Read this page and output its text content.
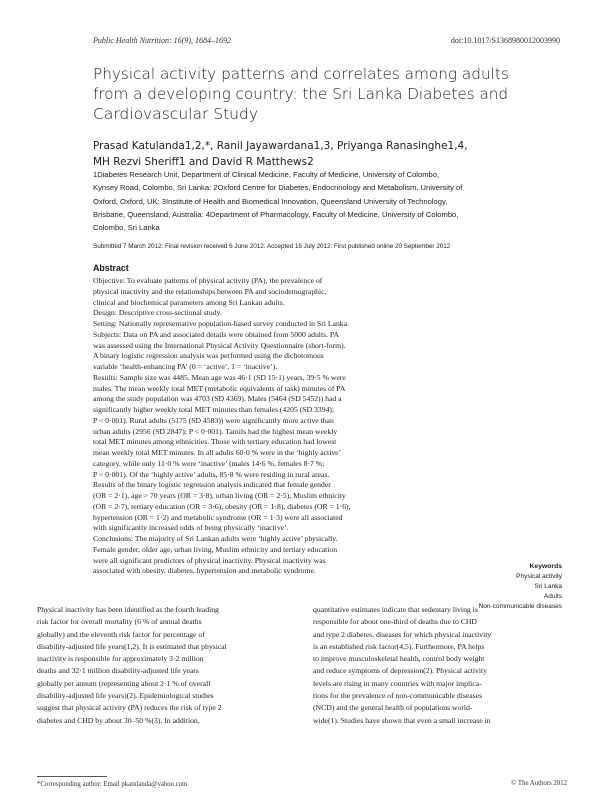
Public Health Nutrition: 16(9), 1684–1692	doi:10.1017/S1368980012003990
Physical activity patterns and correlates among adults
from a developing country: the Sri Lanka Diabetes and
Cardiovascular Study
Prasad Katulanda1,2,*, Ranil Jayawardana1,3, Priyanga Ranasinghe1,4,
MH Rezvi Sheriff1 and David R Matthews2
1Diabetes Research Unit, Department of Clinical Medicine, Faculty of Medicine, University of Colombo,
Kynsey Road, Colombo, Sri Lanka: 2Oxford Centre for Diabetes, Endocrinology and Metabolism, University of
Oxford, Oxford, UK: 3Institute of Health and Biomedical Innovation, Queensland University of Technology,
Brisbane, Queensland, Australia: 4Department of Pharmacology, Faculty of Medicine, University of Colombo,
Colombo, Sri Lanka
Submitted 7 March 2012: Final revision received 6 June 2012: Accepted 16 July 2012: First published online 20 September 2012
Abstract
Objective: To evaluate patterns of physical activity (PA), the prevalence of
physical inactivity and the relationships between PA and sociodemographic,
clinical and biochemical parameters among Sri Lankan adults.
Design: Descriptive cross-sectional study.
Setting: Nationally representative population-based survey conducted in Sri Lanka.
Subjects: Data on PA and associated details were obtained from 5000 adults. PA
was assessed using the International Physical Activity Questionnaire (short-form).
A binary logistic regression analysis was performed using the dichotomous
variable ‘health-enhancing PA’ (0 = ‘active’, 1 = ‘inactive’).
Results: Sample size was 4485. Mean age was 46·1 (SD 15·1) years, 39·5 % were
males. The mean weekly total MET (metabolic equivalents of task) minutes of PA
among the study population was 4703 (SD 4369). Males (5464 (SD 5452)) had a
significantly higher weekly total MET minutes than females (4205 (SD 3394);
P < 0·001). Rural adults (5175 (SD 4583)) were significantly more active than
urban adults (2956 (SD 2847); P < 0·001). Tamils had the highest mean weekly
total MET minutes among ethnicities. Those with tertiary education had lowest
mean weekly total MET minutes. In all adults 60·0 % were in the ‘highly active’
category, while only 11·0 % were ‘inactive’ (males 14·6 %, females 8·7 %;
P < 0·001). Of the ‘highly active’ adults, 85·8 % were residing in rural areas.
Results of the binary logistic regression analysis indicated that female gender
(OR = 2·1), age > 70 years (OR = 3·8), urban living (OR = 2·5), Muslim ethnicity
(OR = 2·7), tertiary education (OR = 3·6), obesity (OR = 1·8), diabetes (OR = 1·6),
hypertension (OR = 1·2) and metabolic syndrome (OR = 1·3) were all associated
with significantly increased odds of being physically ‘inactive’.
Conclusions: The majority of Sri Lankan adults were ‘highly active’ physically.
Female gender, older age, urban living, Muslim ethnicity and tertiary education
were all significant predictors of physical inactivity. Physical inactivity was
associated with obesity, diabetes, hypertension and metabolic syndrome.	Keywords
Physical activity
Sri Lanka
Adults
Non-communicable diseases
Physical inactivity has been identified as the fourth leading
risk factor for overall mortality (6 % of annual deaths
globally) and the eleventh risk factor for percentage of
disability-adjusted life years(1,2). It is estimated that physical
inactivity is responsible for approximately 3·2 million
deaths and 32·1 million disability-adjusted life years
globally per annum (representing about 2·1 % of overall
disability-adjusted life years)(2). Epidemiological studies
suggest that physical activity (PA) reduces the risk of type 2
diabetes and CHD by about 30–50 %(3). In addition,
quantitative estimates indicate that sedentary living is
responsible for about one-third of deaths due to CHD
and type 2 diabetes, diseases for which physical inactivity
is an established risk factor(4,5). Furthermore, PA helps
to improve musculoskeletal health, control body weight
and reduce symptoms of depression(2). Physical activity
levels are rising in many countries with major implica-
tions for the prevalence of non-communicable diseases
(NCD) and the general health of populations world-
wide(1). Studies have shown that even a small increase in
*Corresponding author: Email pkatulanda@yahoo.com	© The Authors 2012
